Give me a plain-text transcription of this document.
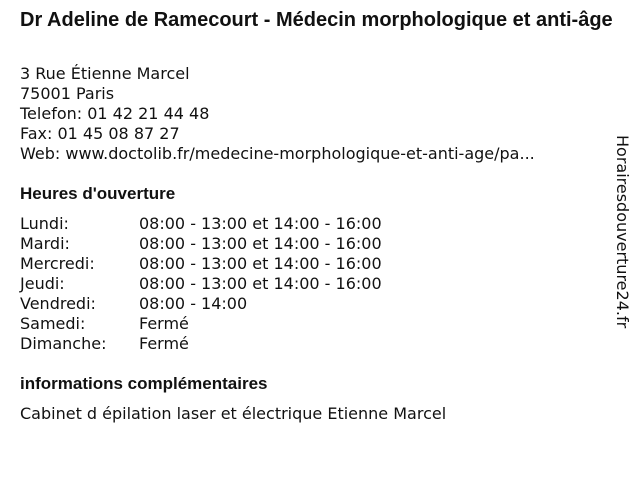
Dr Adeline de Ramecourt - Médecin morphologique et anti-âge
3 Rue Étienne Marcel
75001 Paris
Telefon: 01 42 21 44 48
Fax: 01 45 08 87 27
Web: www.doctolib.fr/medecine-morphologique-et-anti-age/pa...
Heures d'ouverture
Lundi:	08:00 - 13:00 et 14:00 - 16:00
Mardi:	08:00 - 13:00 et 14:00 - 16:00
Mercredi:	08:00 - 13:00 et 14:00 - 16:00
Jeudi:	08:00 - 13:00 et 14:00 - 16:00
Vendredi:	08:00 - 14:00
Samedi:	Fermé
Dimanche:	Fermé
informations complémentaires
Cabinet d épilation laser et électrique Etienne Marcel
Horairesdouverture24.fr
